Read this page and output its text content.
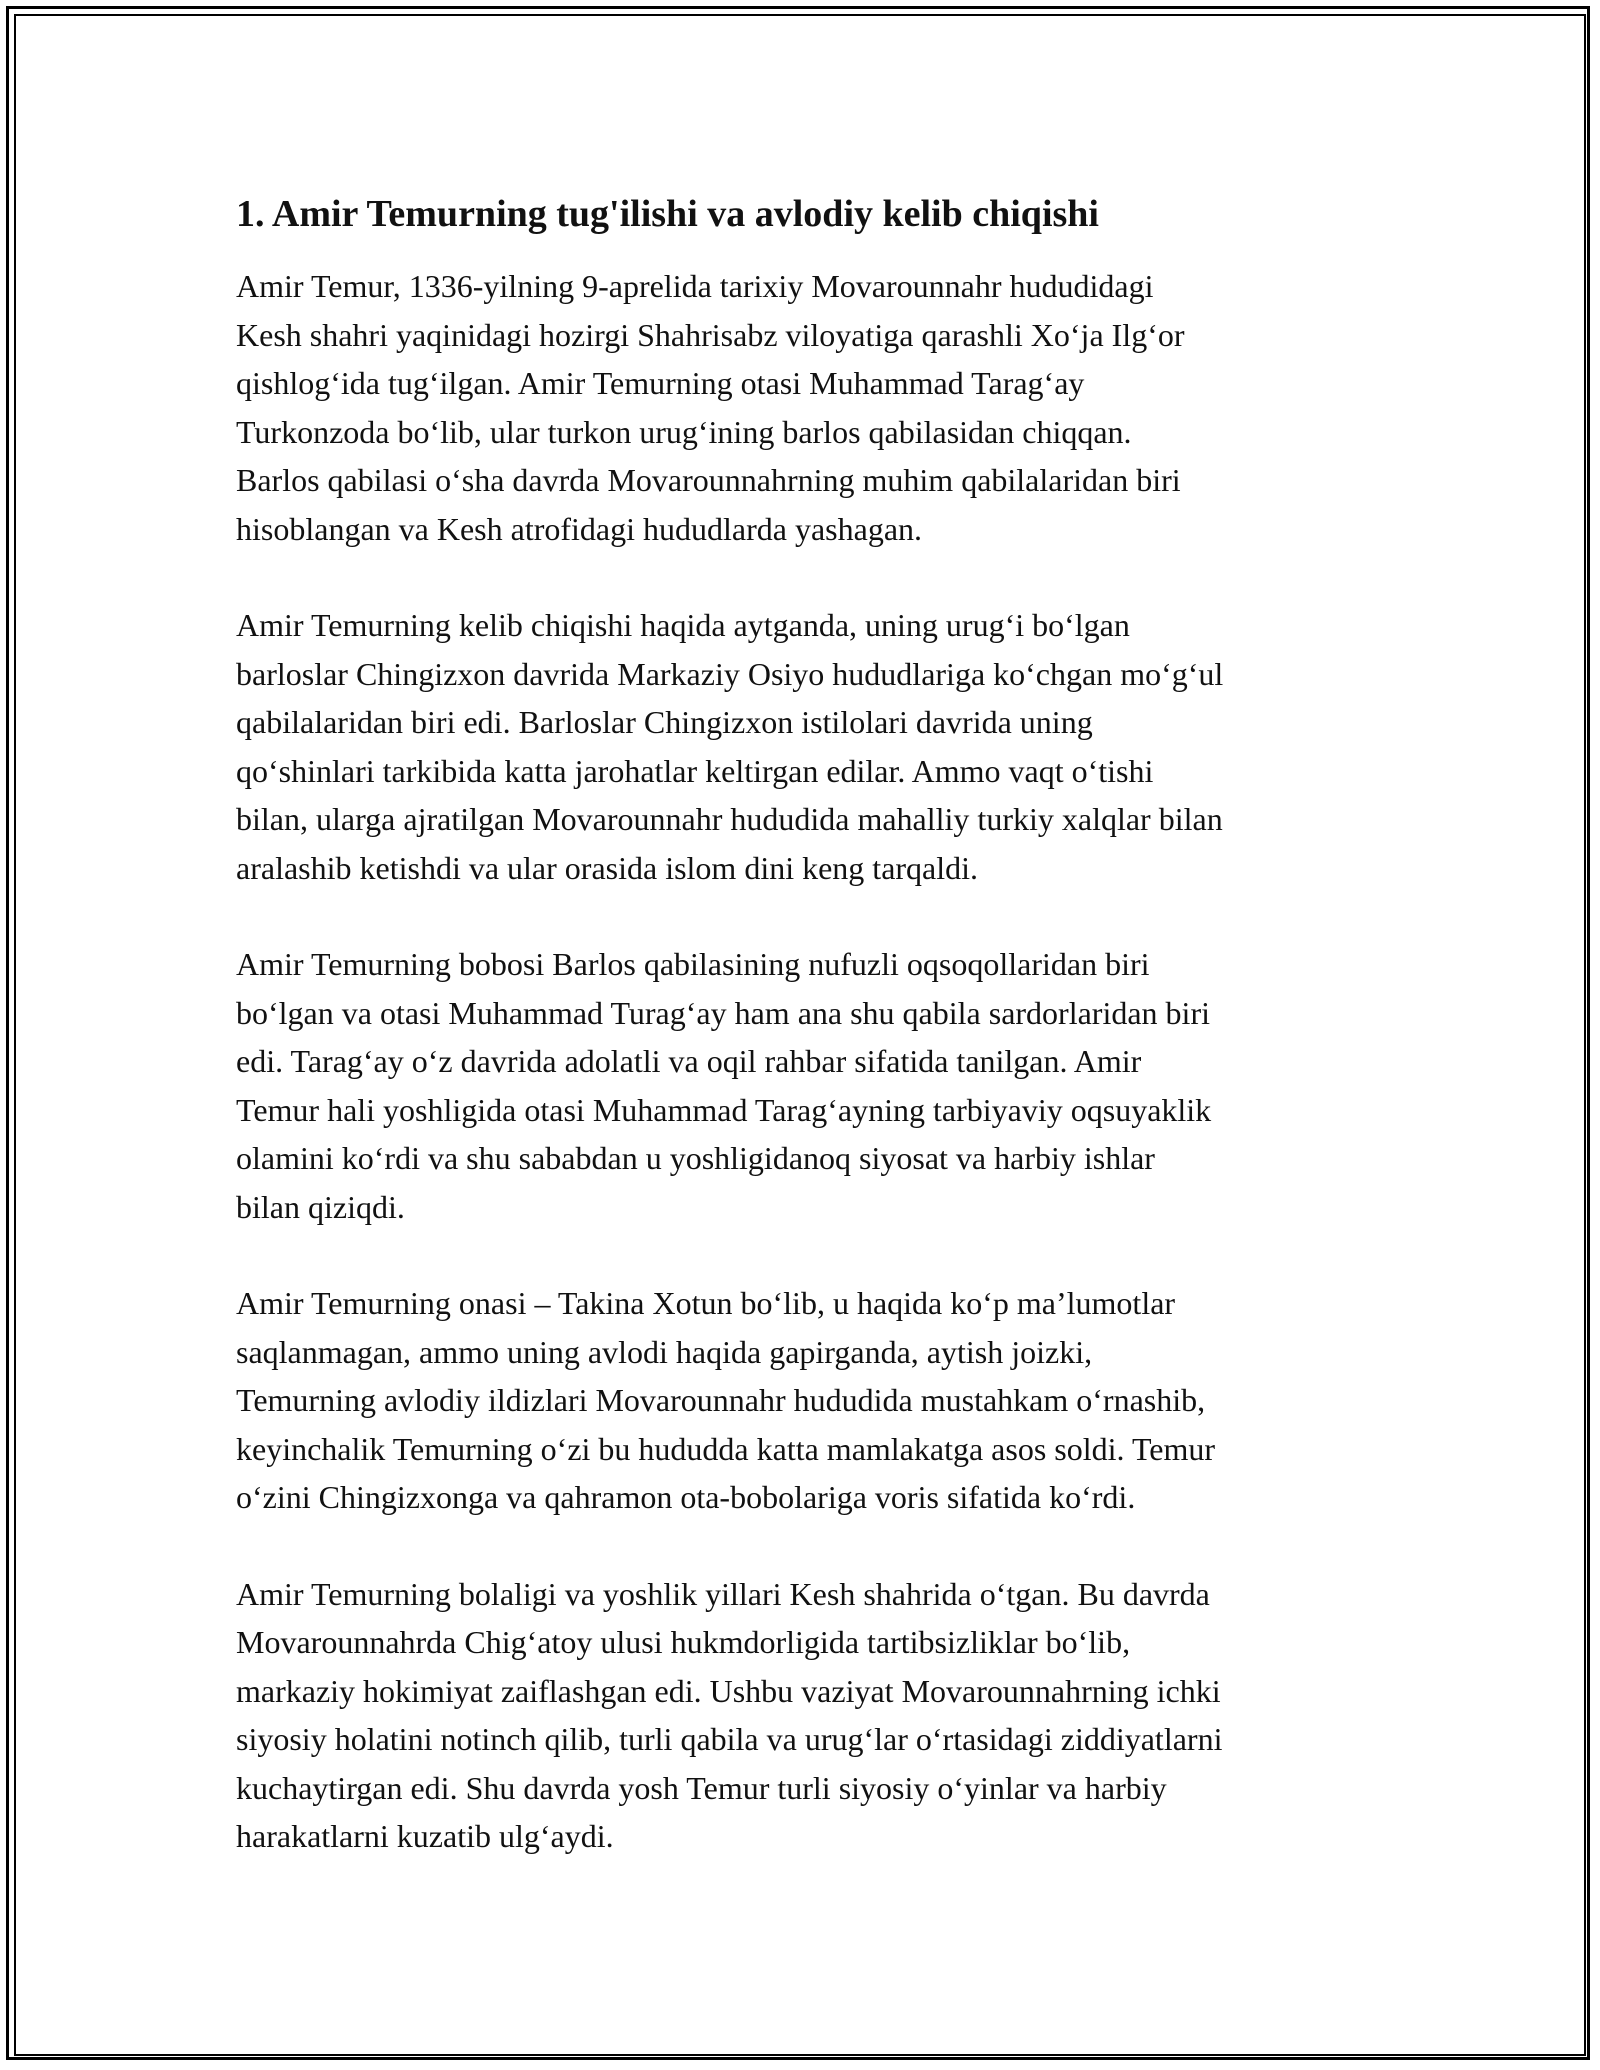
1. Amir Temurning tug'ilishi va avlodiy kelib chiqishi

Amir Temur, 1336-yilning 9-aprelida tarixiy Movarounnahr hududidagi
Kesh shahri yaqinidagi hozirgi Shahrisabz viloyatiga qarashli Xoʻja Ilgʻor
qishlogʻida tugʻilgan. Amir Temurning otasi Muhammad Taragʻay
Turkonzoda boʻlib, ular turkon urugʻining barlos qabilasidan chiqqan.
Barlos qabilasi oʻsha davrda Movarounnahrning muhim qabilalaridan biri
hisoblangan va Kesh atrofidagi hududlarda yashagan.

Amir Temurning kelib chiqishi haqida aytganda, uning urugʻi boʻlgan
barloslar Chingizxon davrida Markaziy Osiyo hududlariga koʻchgan moʻgʻul
qabilalaridan biri edi. Barloslar Chingizxon istilolari davrida uning
qoʻshinlari tarkibida katta jarohatlar keltirgan edilar. Ammo vaqt oʻtishi
bilan, ularga ajratilgan Movarounnahr hududida mahalliy turkiy xalqlar bilan
aralashib ketishdi va ular orasida islom dini keng tarqaldi.

Amir Temurning bobosi Barlos qabilasining nufuzli oqsoqollaridan biri
boʻlgan va otasi Muhammad Turagʻay ham ana shu qabila sardorlaridan biri
edi. Taragʻay oʻz davrida adolatli va oqil rahbar sifatida tanilgan. Amir
Temur hali yoshligida otasi Muhammad Taragʻayning tarbiyaviy oqsuyaklik
olamini koʻrdi va shu sababdan u yoshligidanoq siyosat va harbiy ishlar
bilan qiziqdi.

Amir Temurning onasi – Takina Xotun boʻlib, u haqida koʻp maʼlumotlar
saqlanmagan, ammo uning avlodi haqida gapirganda, aytish joizki,
Temurning avlodiy ildizlari Movarounnahr hududida mustahkam oʻrnashib,
keyinchalik Temurning oʻzi bu hududda katta mamlakatga asos soldi. Temur
oʻzini Chingizxonga va qahramon ota-bobolariga voris sifatida koʻrdi.

Amir Temurning bolaligi va yoshlik yillari Kesh shahrida oʻtgan. Bu davrda
Movarounnahrda Chigʻatoy ulusi hukmdorligida tartibsizliklar boʻlib,
markaziy hokimiyat zaiflashgan edi. Ushbu vaziyat Movarounnahrning ichki
siyosiy holatini notinch qilib, turli qabila va urugʻlar oʻrtasidagi ziddiyatlarni
kuchaytirgan edi. Shu davrda yosh Temur turli siyosiy oʻyinlar va harbiy
harakatlarni kuzatib ulgʻaydi.
